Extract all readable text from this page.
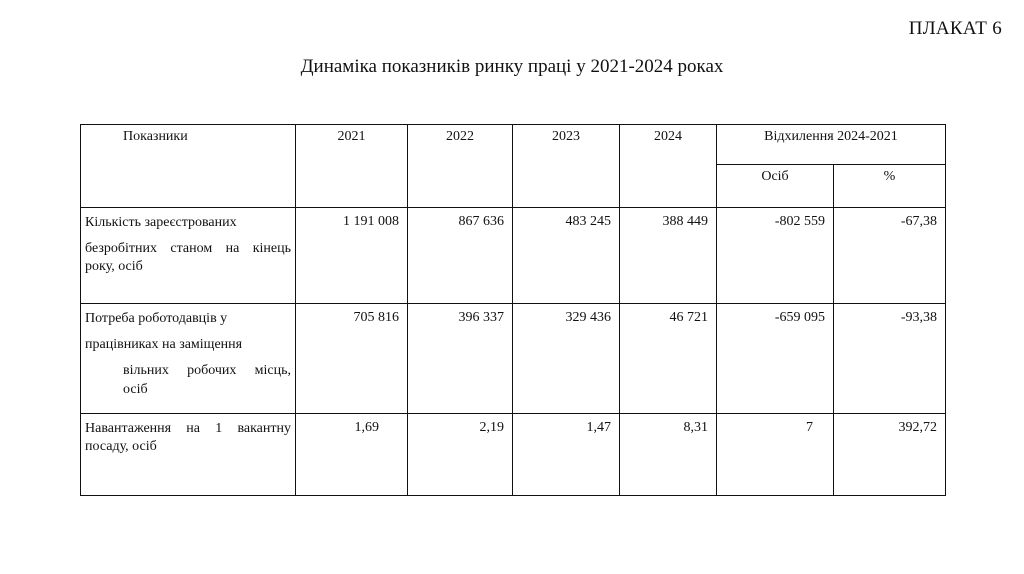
ПЛАКАТ 6
Динаміка показників ринку праці у 2021-2024 роках
Показники	2021	2022	2023	2024	Відхилення 2024-2021	
					Осіб	%

Кількість зареєстрованих

безробітних станом на кінець

року, осіб	1 191 008	867 636	483 245	388 449	-802 559	-67,38

Потреба роботодавців у

працівниках на заміщення

вільних робочих місць,

осіб	705 816	396 337	329 436	46 721	-659 095	-93,38

Навантаження на 1 вакантну

посаду, осіб	1,69	2,19	1,47	8,31	7	392,72
